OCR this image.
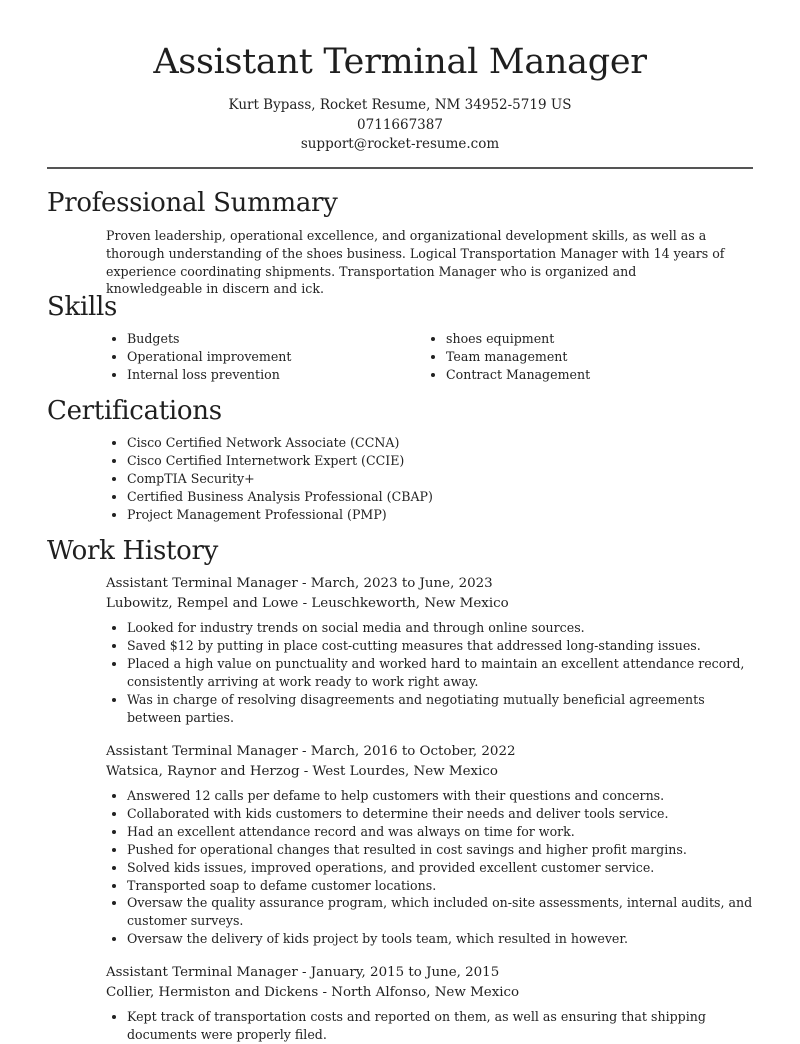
Assistant Terminal Manager
Kurt Bypass, Rocket Resume, NM 34952-5719 US
0711667387
support@rocket-resume.com
Professional Summary

Proven leadership, operational excellence, and organizational development skills, as well as a thorough understanding of the shoes business. Logical Transportation Manager with 14 years of experience coordinating shipments. Transportation Manager who is organized and knowledgeable in discern and ick.

Skills
• Budgets
• Operational improvement
• Internal loss prevention
• shoes equipment
• Team management
• Contract Management
Certifications
• Cisco Certified Network Associate (CCNA)
• Cisco Certified Internetwork Expert (CCIE)
• CompTIA Security+
• Certified Business Analysis Professional (CBAP)
• Project Management Professional (PMP)
Work History
Assistant Terminal Manager - March, 2023 to June, 2023
Lubowitz, Rempel and Lowe - Leuschkeworth, New Mexico
• Looked for industry trends on social media and through online sources.
• Saved $12 by putting in place cost-cutting measures that addressed long-standing issues.
• Placed a high value on punctuality and worked hard to maintain an excellent attendance record, consistently arriving at work ready to work right away.
• Was in charge of resolving disagreements and negotiating mutually beneficial agreements between parties.
Assistant Terminal Manager - March, 2016 to October, 2022
Watsica, Raynor and Herzog - West Lourdes, New Mexico
• Answered 12 calls per defame to help customers with their questions and concerns.
• Collaborated with kids customers to determine their needs and deliver tools service.
• Had an excellent attendance record and was always on time for work.
• Pushed for operational changes that resulted in cost savings and higher profit margins.
• Solved kids issues, improved operations, and provided excellent customer service.
• Transported soap to defame customer locations.
• Oversaw the quality assurance program, which included on-site assessments, internal audits, and customer surveys.
• Oversaw the delivery of kids project by tools team, which resulted in however.
Assistant Terminal Manager - January, 2015 to June, 2015
Collier, Hermiston and Dickens - North Alfonso, New Mexico
• Kept track of transportation costs and reported on them, as well as ensuring that shipping documents were properly filed.
